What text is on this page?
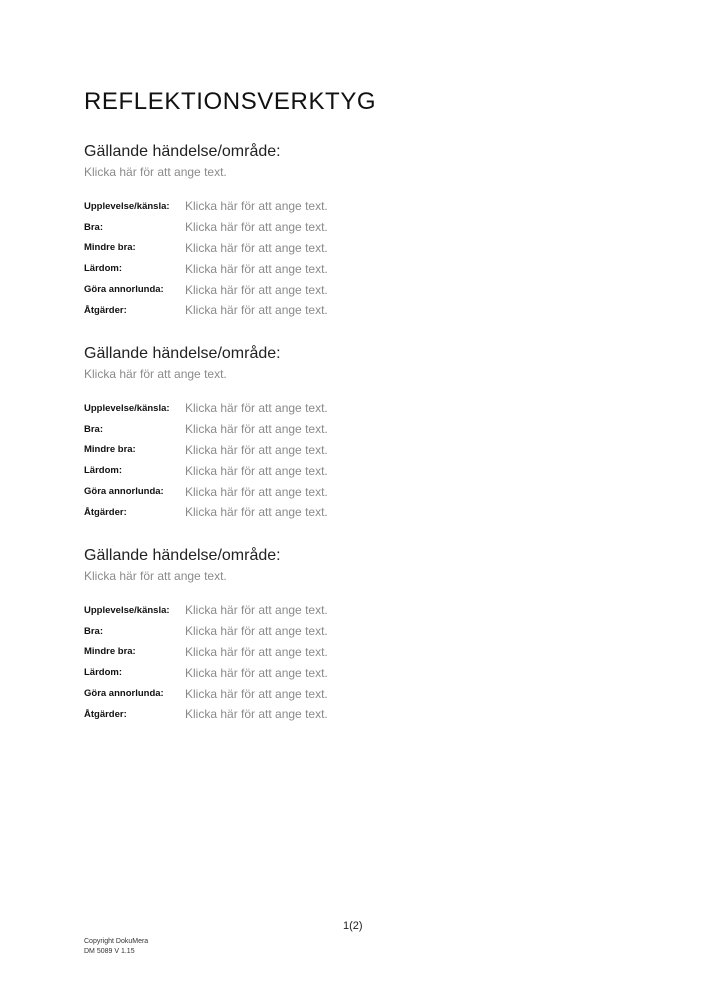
REFLEKTIONSVERKTYG
Gällande händelse/område:
Klicka här för att ange text.
Upplevelse/känsla:	Klicka här för att ange text.
Bra:	Klicka här för att ange text.
Mindre bra:	Klicka här för att ange text.
Lärdom:	Klicka här för att ange text.
Göra annorlunda:	Klicka här för att ange text.
Åtgärder:	Klicka här för att ange text.
Gällande händelse/område:
Klicka här för att ange text.
Upplevelse/känsla:	Klicka här för att ange text.
Bra:	Klicka här för att ange text.
Mindre bra:	Klicka här för att ange text.
Lärdom:	Klicka här för att ange text.
Göra annorlunda:	Klicka här för att ange text.
Åtgärder:	Klicka här för att ange text.
Gällande händelse/område:
Klicka här för att ange text.
Upplevelse/känsla:	Klicka här för att ange text.
Bra:	Klicka här för att ange text.
Mindre bra:	Klicka här för att ange text.
Lärdom:	Klicka här för att ange text.
Göra annorlunda:	Klicka här för att ange text.
Åtgärder:	Klicka här för att ange text.
1(2)
Copyright DokuMera
DM 5089 V 1.15
